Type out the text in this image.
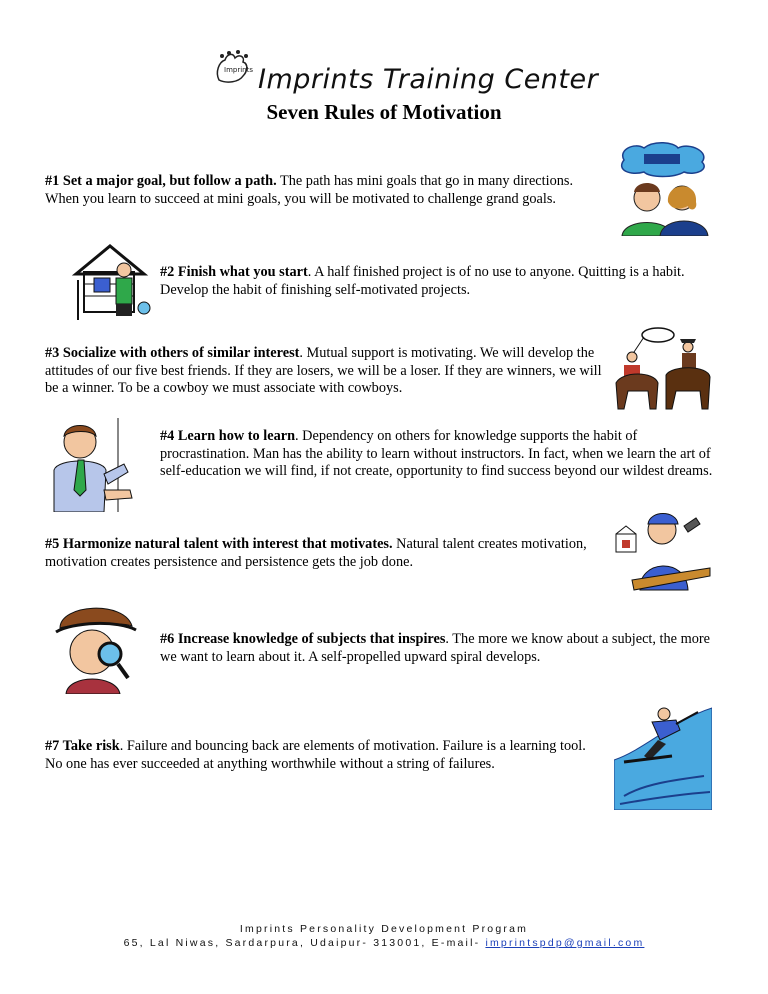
Imprints Imprints Training Center
Seven Rules of Motivation
#1 Set a major goal, but follow a path. The path has mini goals that go in many directions. When you learn to succeed at mini goals, you will be motivated to challenge grand goals.
#2 Finish what you start. A half finished project is of no use to anyone. Quitting is a habit. Develop the habit of finishing self-motivated projects.
#3 Socialize with others of similar interest. Mutual support is motivating. We will develop the attitudes of our five best friends. If they are losers, we will be a loser. If they are winners, we will be a winner. To be a cowboy we must associate with cowboys.
#4 Learn how to learn. Dependency on others for knowledge supports the habit of procrastination. Man has the ability to learn without instructors. In fact, when we learn the art of self-education we will find, if not create, opportunity to find success beyond our wildest dreams.
#5 Harmonize natural talent with interest that motivates. Natural talent creates motivation, motivation creates persistence and persistence gets the job done.
#6 Increase knowledge of subjects that inspires. The more we know about a subject, the more we want to learn about it. A self-propelled upward spiral develops.
#7 Take risk. Failure and bouncing back are elements of motivation. Failure is a learning tool. No one has ever succeeded at anything worthwhile without a string of failures.
Imprints Personality Development Program
65, Lal Niwas, Sardarpura, Udaipur- 313001, E-mail- imprintspdp@gmail.com
